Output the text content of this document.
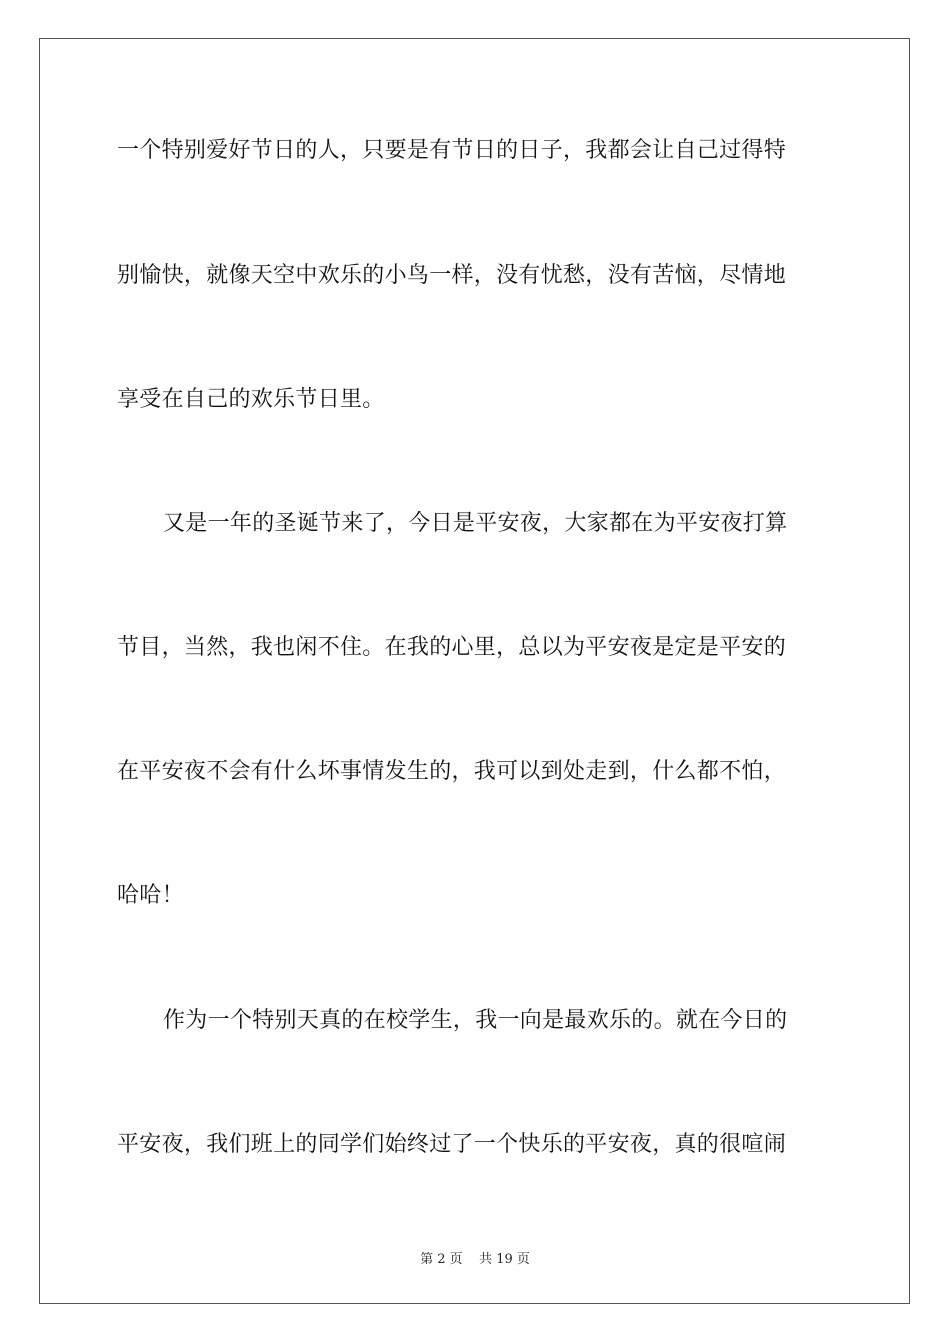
一个特别爱好节日的人，只要是有节日的日子，我都会让自己过得特
别愉快，就像天空中欢乐的小鸟一样，没有忧愁，没有苦恼，尽情地
享受在自己的欢乐节日里。
又是一年的圣诞节来了，今日是平安夜，大家都在为平安夜打算
节目，当然，我也闲不住。在我的心里，总以为平安夜是定是平安的
在平安夜不会有什么坏事情发生的，我可以到处走到，什么都不怕，
哈哈！
作为一个特别天真的在校学生，我一向是最欢乐的。就在今日的
平安夜，我们班上的同学们始终过了一个快乐的平安夜，真的很喧闹
第 2 页    共 19 页
